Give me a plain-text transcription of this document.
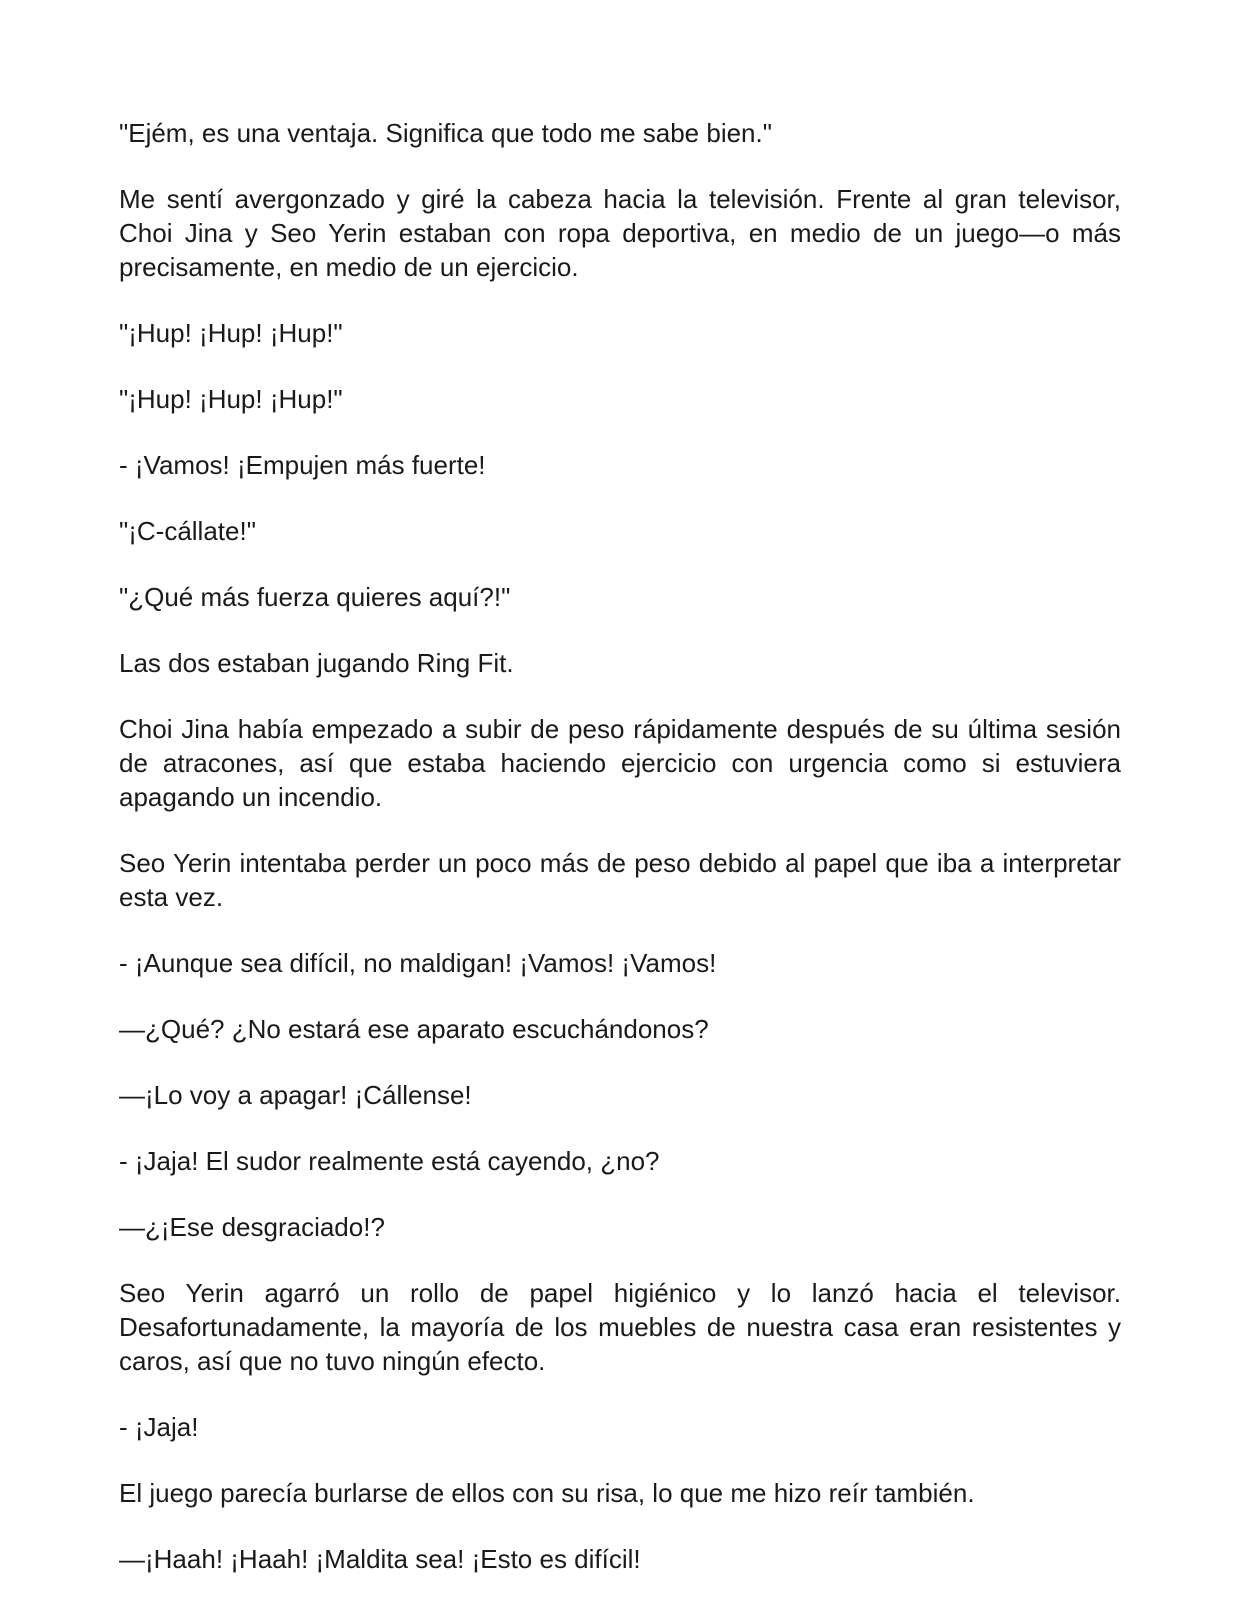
"Ejém, es una ventaja. Significa que todo me sabe bien."

Me sentí avergonzado y giré la cabeza hacia la televisión. Frente al gran televisor, Choi Jina y Seo Yerin estaban con ropa deportiva, en medio de un juego—o más precisamente, en medio de un ejercicio.

"¡Hup! ¡Hup! ¡Hup!"

"¡Hup! ¡Hup! ¡Hup!"

- ¡Vamos! ¡Empujen más fuerte!

"¡C-cállate!"

"¿Qué más fuerza quieres aquí?!"

Las dos estaban jugando Ring Fit.

Choi Jina había empezado a subir de peso rápidamente después de su última sesión de atracones, así que estaba haciendo ejercicio con urgencia como si estuviera apagando un incendio.

Seo Yerin intentaba perder un poco más de peso debido al papel que iba a interpretar esta vez.

- ¡Aunque sea difícil, no maldigan! ¡Vamos! ¡Vamos!

—¿Qué? ¿No estará ese aparato escuchándonos?

—¡Lo voy a apagar! ¡Cállense!

- ¡Jaja! El sudor realmente está cayendo, ¿no?

—¿¡Ese desgraciado!?

Seo Yerin agarró un rollo de papel higiénico y lo lanzó hacia el televisor. Desafortunadamente, la mayoría de los muebles de nuestra casa eran resistentes y caros, así que no tuvo ningún efecto.

- ¡Jaja!

El juego parecía burlarse de ellos con su risa, lo que me hizo reír también.

—¡Haah! ¡Haah! ¡Maldita sea! ¡Esto es difícil!
